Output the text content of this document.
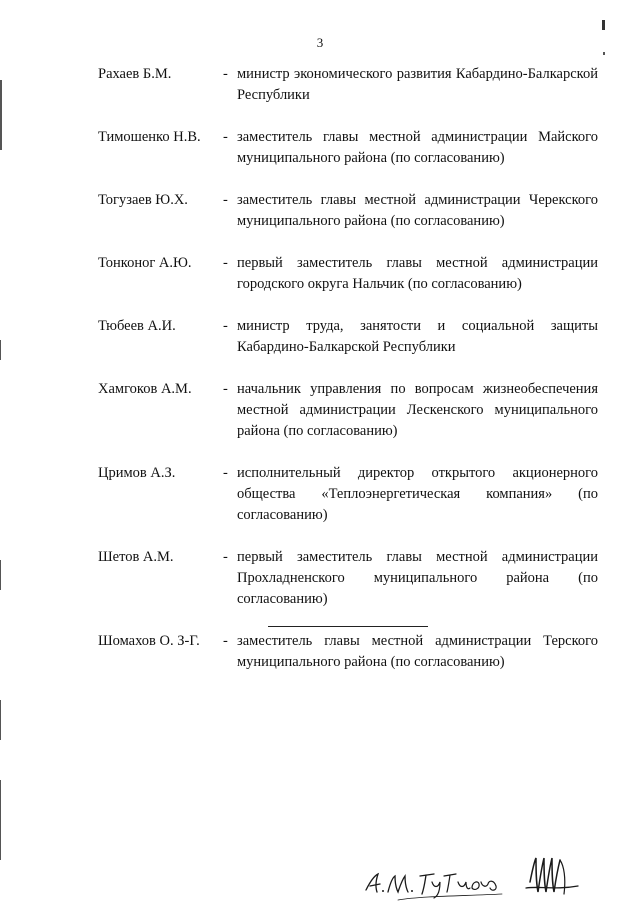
3
Рахаев Б.М.	- министр экономического развития Кабардино-Балкарской Республики
Тимошенко Н.В.	- заместитель главы местной администрации Майского муниципального района (по согласованию)
Тогузаев Ю.Х.	- заместитель главы местной администрации Черекского муниципального района (по согласованию)
Тонконог А.Ю.	- первый заместитель главы местной администрации городского округа Нальчик (по согласованию)
Тюбеев А.И.	- министр труда, занятости и социальной защиты Кабардино-Балкарской Республики
Хамгоков А.М.	- начальник управления по вопросам жизнеобеспечения местной администрации Лескенского муниципального района (по согласованию)
Цримов А.З.	- исполнительный директор открытого акционерного общества «Теплоэнергетическая компания» (по согласованию)
Шетов А.М.	- первый заместитель главы местной администрации Прохладненского муниципального района (по согласованию)
Шомахов О. З-Г.	- заместитель главы местной администрации Терского муниципального района (по согласованию)
